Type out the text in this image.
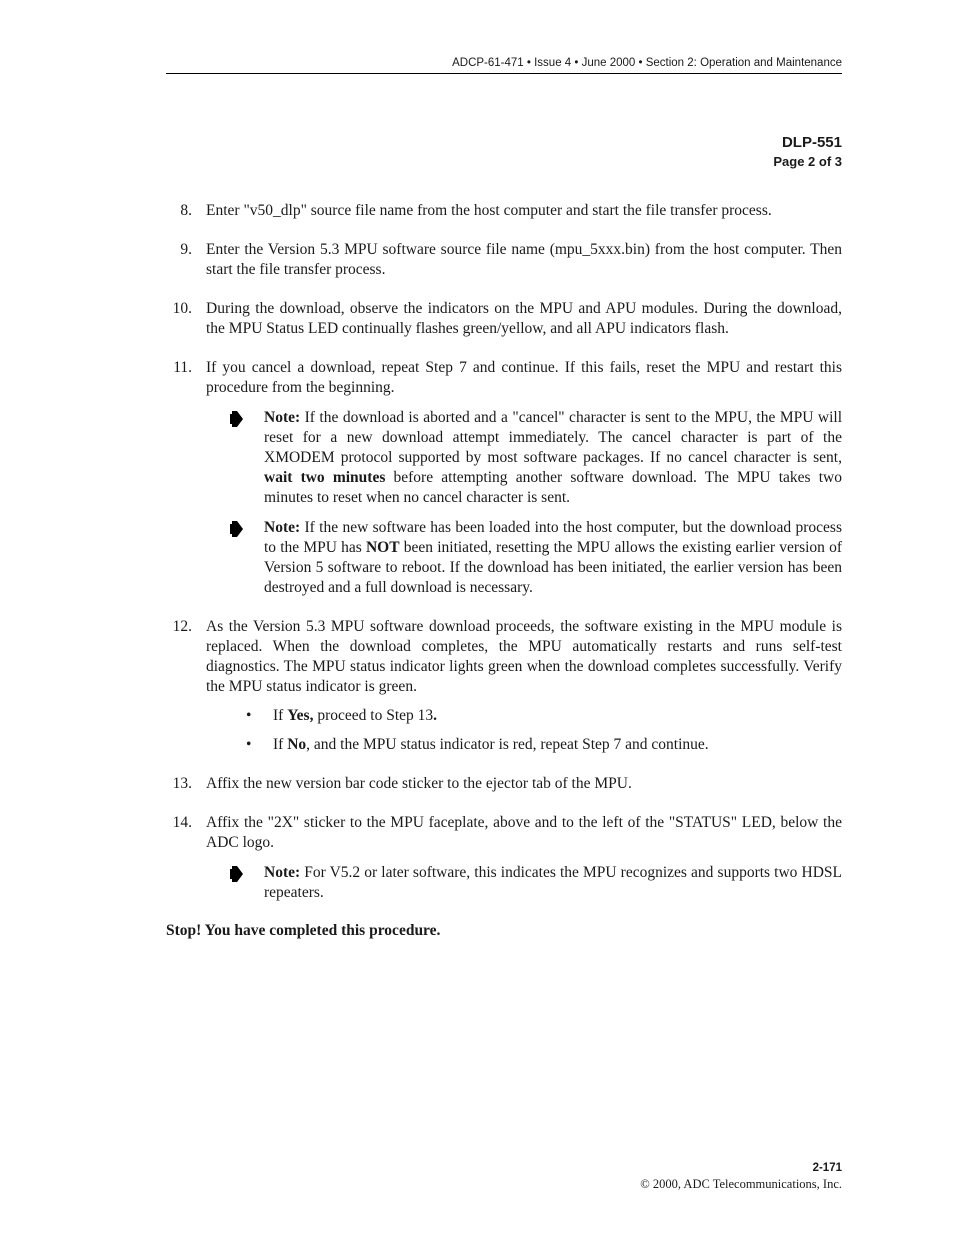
ADCP-61-471 • Issue 4 • June 2000 • Section 2: Operation and Maintenance
DLP-551
Page 2 of 3
8. Enter "v50_dlp" source file name from the host computer and start the file transfer process.
9. Enter the Version 5.3 MPU software source file name (mpu_5xxx.bin) from the host computer. Then start the file transfer process.
10. During the download, observe the indicators on the MPU and APU modules. During the download, the MPU Status LED continually flashes green/yellow, and all APU indicators flash.
11. If you cancel a download, repeat Step 7 and continue. If this fails, reset the MPU and restart this procedure from the beginning.
Note: If the download is aborted and a "cancel" character is sent to the MPU, the MPU will reset for a new download attempt immediately. The cancel character is part of the XMODEM protocol supported by most software packages. If no cancel character is sent, wait two minutes before attempting another software download. The MPU takes two minutes to reset when no cancel character is sent.
Note: If the new software has been loaded into the host computer, but the download process to the MPU has NOT been initiated, resetting the MPU allows the existing earlier version of Version 5 software to reboot. If the download has been initiated, the earlier version has been destroyed and a full download is necessary.
12. As the Version 5.3 MPU software download proceeds, the software existing in the MPU module is replaced. When the download completes, the MPU automatically restarts and runs self-test diagnostics. The MPU status indicator lights green when the download completes successfully. Verify the MPU status indicator is green.
• If Yes, proceed to Step 13.
• If No, and the MPU status indicator is red, repeat Step 7 and continue.
13. Affix the new version bar code sticker to the ejector tab of the MPU.
14. Affix the "2X" sticker to the MPU faceplate, above and to the left of the "STATUS" LED, below the ADC logo.
Note: For V5.2 or later software, this indicates the MPU recognizes and supports two HDSL repeaters.
Stop! You have completed this procedure.
2-171
© 2000, ADC Telecommunications, Inc.
